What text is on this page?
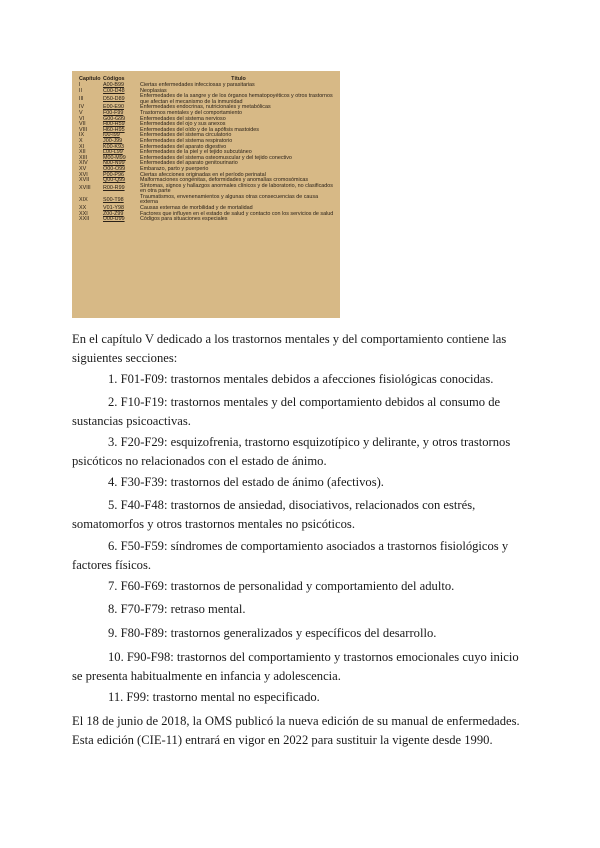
Capítulo Códigos	Título
I	A00-B99	Ciertas enfermedades infecciosas y parasitarias
II	C00-D48	Neoplasias
III	D50-D89	Enfermedades de la sangre y de los órganos hematopoyéticos y otros trastornos que afectan el mecanismo de la inmunidad
IV	E00-E90	Enfermedades endocrinas, nutricionales y metabólicas
V	F00-F99	Trastornos mentales y del comportamiento
VI	G00-G99	Enfermedades del sistema nervioso
VII	H00-H59	Enfermedades del ojo y sus anexos
VIII	H60-H95	Enfermedades del oído y de la apófisis mastoides
IX	I00-I99	Enfermedades del sistema circulatorio
X	J00-J99	Enfermedades del sistema respiratorio
XI	K00-K93	Enfermedades del aparato digestivo
XII	L00-L99	Enfermedades de la piel y el tejido subcutáneo
XIII	M00-M99	Enfermedades del sistema osteomuscular y del tejido conectivo
XIV	N00-N99	Enfermedades del aparato genitourinario
XV	O00-O99	Embarazo, parto y puerperio
XVI	P00-P96	Ciertas afecciones originadas en el período perinatal
XVII	Q00-Q99	Malformaciones congénitas, deformidades y anomalías cromosómicas
XVIII	R00-R99	Síntomas, signos y hallazgos anormales clínicos y de laboratorio, no clasificados en otra parte
XIX	S00-T98	Traumatismos, envenenamientos y algunas otras consecuencias de causa externa
XX	V01-Y98	Causas externas de morbilidad y de mortalidad
XXI	Z00-Z99	Factores que influyen en el estado de salud y contacto con los servicios de salud
XXII	U00-U99	Códigos para situaciones especiales

En el capítulo V dedicado a los trastornos mentales y del comportamiento contiene las siguientes secciones:

1. F01-F09: trastornos mentales debidos a afecciones fisiológicas conocidas.

2. F10-F19: trastornos mentales y del comportamiento debidos al consumo de sustancias psicoactivas.

3. F20-F29: esquizofrenia, trastorno esquizotípico y delirante, y otros trastornos psicóticos no relacionados con el estado de ánimo.

4. F30-F39: trastornos del estado de ánimo (afectivos).

5. F40-F48: trastornos de ansiedad, disociativos, relacionados con estrés, somatomorfos y otros trastornos mentales no psicóticos.

6. F50-F59: síndromes de comportamiento asociados a trastornos fisiológicos y factores físicos.

7. F60-F69: trastornos de personalidad y comportamiento del adulto.

8. F70-F79: retraso mental.

9. F80-F89: trastornos generalizados y específicos del desarrollo.

10. F90-F98: trastornos del comportamiento y trastornos emocionales cuyo inicio se presenta habitualmente en infancia y adolescencia.

11. F99: trastorno mental no especificado.

El 18 de junio de 2018, la OMS publicó la nueva edición de su manual de enfermedades. Esta edición (CIE-11) entrará en vigor en 2022 para sustituir la vigente desde 1990.
